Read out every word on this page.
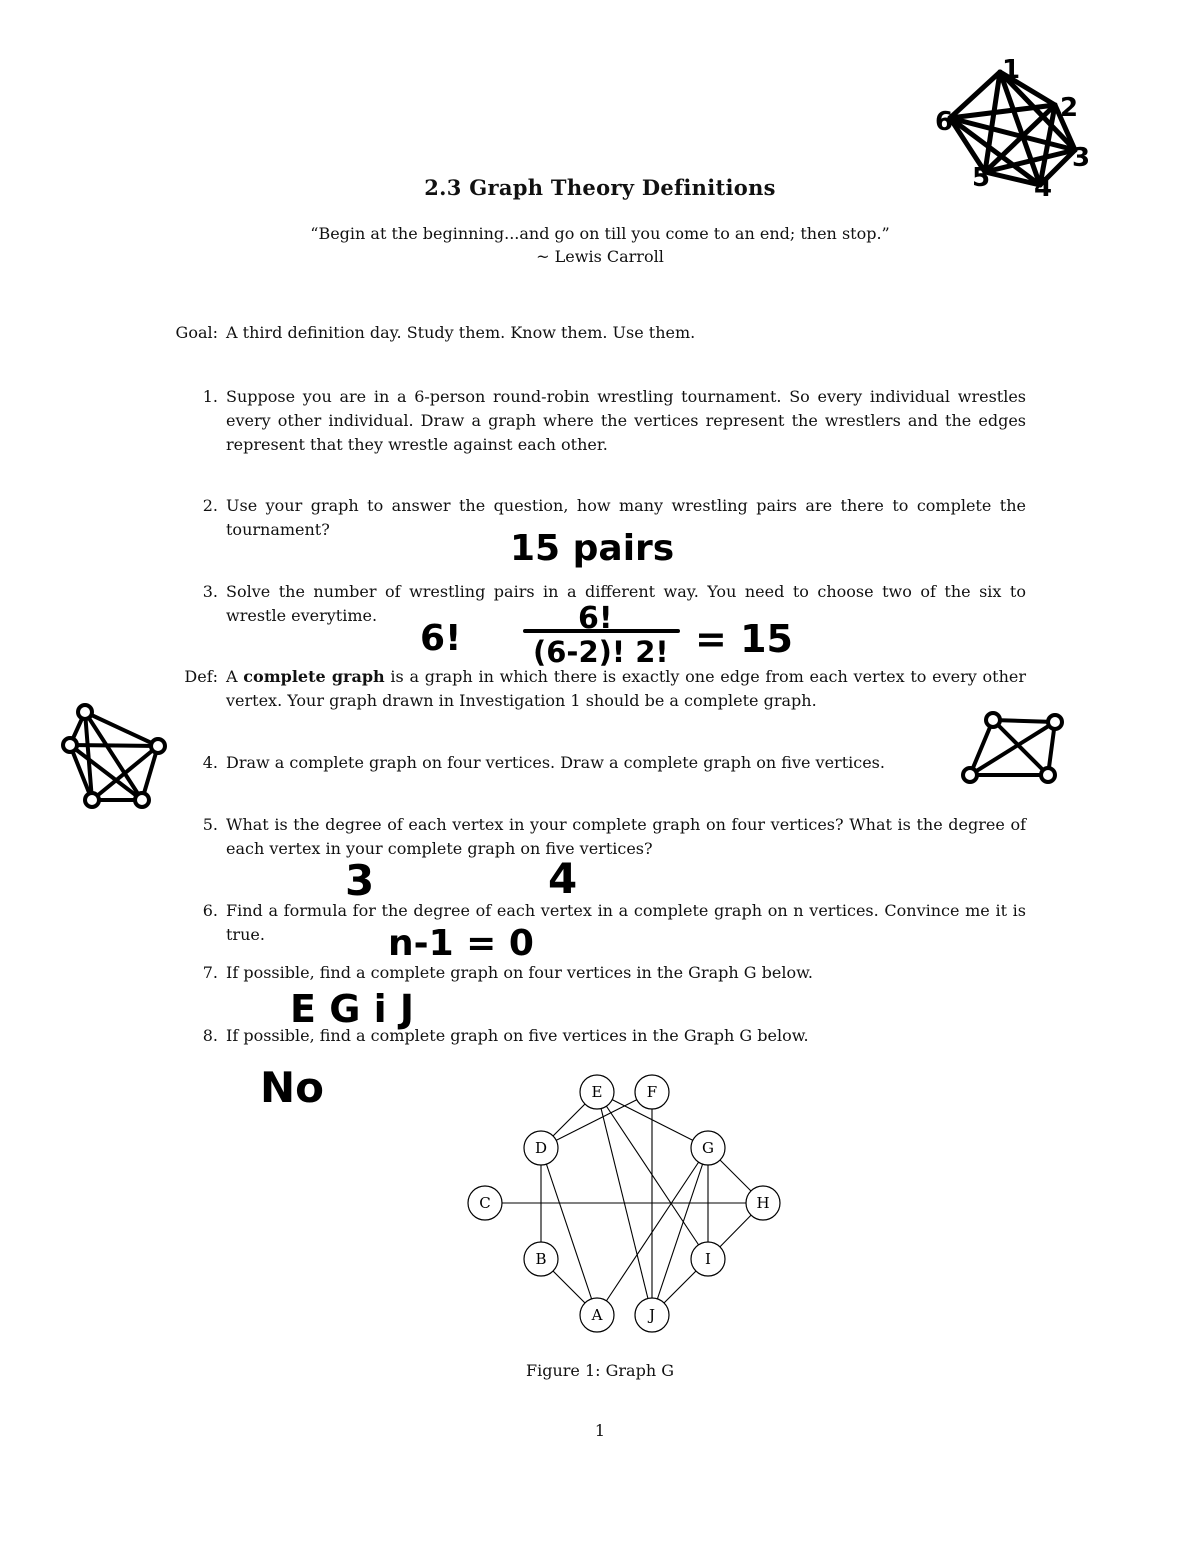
2.3 Graph Theory Definitions
“Begin at the beginning...and go on till you come to an end; then stop.”
~ Lewis Carroll
Goal: A third definition day. Study them. Know them. Use them.
1. Suppose you are in a 6-person round-robin wrestling tournament. So every individual wrestles every other individual. Draw a graph where the vertices represent the wrestlers and the edges represent that they wrestle against each other.
2. Use your graph to answer the question, how many wrestling pairs are there to complete the tournament?
3. Solve the number of wrestling pairs in a different way. You need to choose two of the six to wrestle everytime.
Def: A complete graph is a graph in which there is exactly one edge from each vertex to every other vertex. Your graph drawn in Investigation 1 should be a complete graph.
4. Draw a complete graph on four vertices. Draw a complete graph on five vertices.
5. What is the degree of each vertex in your complete graph on four vertices? What is the degree of each vertex in your complete graph on five vertices?
6. Find a formula for the degree of each vertex in a complete graph on n vertices. Convince me it is true.
7. If possible, find a complete graph on four vertices in the Graph G below.
8. If possible, find a complete graph on five vertices in the Graph G below.
1
2
3
4
5
6
15 pairs
6!	6!
(6-2)! 2! = 15
3	4
n-1 = 0
E G i J
No
A
B
C
D
E	F
G
H
I
J
Figure 1: Graph G
1
